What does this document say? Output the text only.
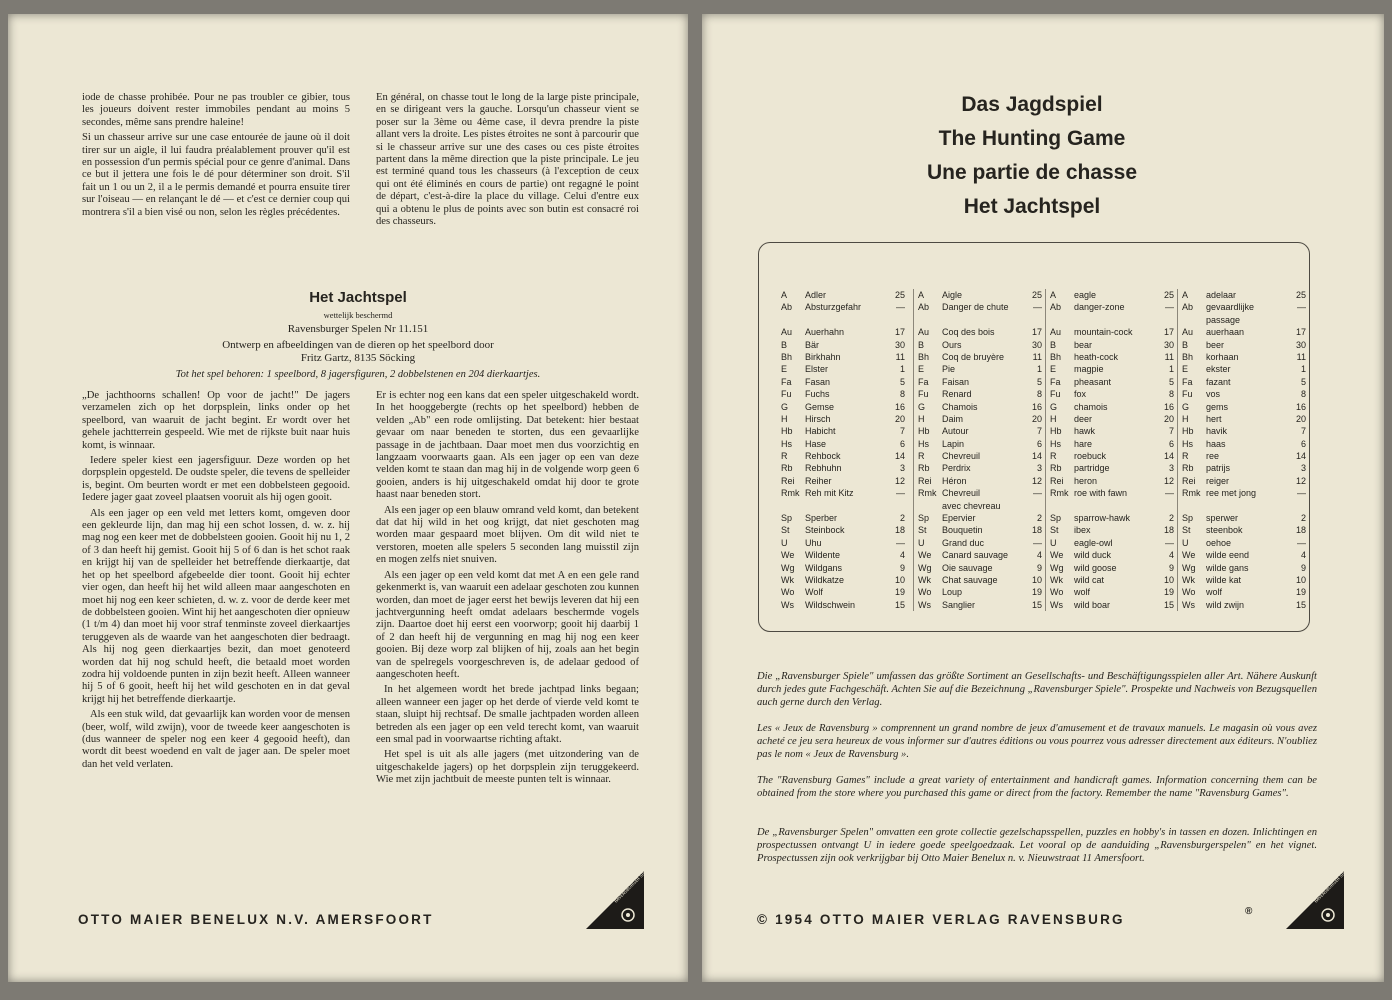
iode de chasse prohibée. Pour ne pas troubler ce gibier, tous les joueurs doivent rester immobiles pendant au moins 5 secondes, même sans prendre haleine!

Si un chasseur arrive sur une case entourée de jaune où il doit tirer sur un aigle, il lui faudra préalablement prouver qu'il est en possession d'un permis spécial pour ce genre d'animal. Dans ce but il jettera une fois le dé pour déterminer son droit. S'il fait un 1 ou un 2, il a le permis demandé et pourra ensuite tirer sur l'oiseau — en relançant le dé — et c'est ce dernier coup qui montrera s'il a bien visé ou non, selon les règles précédentes.

En général, on chasse tout le long de la large piste principale, en se dirigeant vers la gauche. Lorsqu'un chasseur vient se poser sur la 3ème ou 4ème case, il devra prendre la piste allant vers la droite. Les pistes étroites ne sont à parcourir que si le chasseur arrive sur une des cases ou ces piste étroites partent dans la même direction que la piste principale. Le jeu est terminé quand tous les chasseurs (à l'exception de ceux qui ont été éliminés en cours de partie) ont regagné le point de départ, c'est-à-dire la place du village. Celui d'entre eux qui a obtenu le plus de points avec son butin est consacré roi des chasseurs.

Het Jachtspel
wettelijk beschermd
Ravensburger Spelen Nr 11.151
Ontwerp en afbeeldingen van de dieren op het speelbord door
Fritz Gartz, 8135 Söcking
Tot het spel behoren: 1 speelbord, 8 jagersfiguren, 2 dobbelstenen en 204 dierkaartjes.

„De jachthoorns schallen! Op voor de jacht!" De jagers verzamelen zich op het dorpsplein, links onder op het speelbord, van waaruit de jacht begint. Er wordt over het gehele jachtterrein gespeeld. Wie met de rijkste buit naar huis komt, is winnaar.

Iedere speler kiest een jagersfiguur. Deze worden op het dorpsplein opgesteld. De oudste speler, die tevens de spelleider is, begint. Om beurten wordt er met een dobbelsteen gegooid. Iedere jager gaat zoveel plaatsen vooruit als hij ogen gooit.

Als een jager op een veld met letters komt, omgeven door een gekleurde lijn, dan mag hij een schot lossen, d. w. z. hij mag nog een keer met de dobbelsteen gooien. Gooit hij nu 1, 2 of 3 dan heeft hij gemist. Gooit hij 5 of 6 dan is het schot raak en krijgt hij van de spelleider het betreffende dierkaartje, dat het op het speelbord afgebeelde dier toont. Gooit hij echter vier ogen, dan heeft hij het wild alleen maar aangeschoten en moet hij nog een keer schieten, d. w. z. voor de derde keer met de dobbelsteen gooien. Wint hij het aangeschoten dier opnieuw (1 t/m 4) dan moet hij voor straf tenminste zoveel dierkaartjes teruggeven als de waarde van het aangeschoten dier bedraagt. Als hij nog geen dierkaartjes bezit, dan moet genoteerd worden dat hij nog schuld heeft, die betaald moet worden zodra hij voldoende punten in zijn bezit heeft. Alleen wanneer hij 5 of 6 gooit, heeft hij het wild geschoten en in dat geval krijgt hij het betreffende dierkaartje.

Als een stuk wild, dat gevaarlijk kan worden voor de mensen (beer, wolf, wild zwijn), voor de tweede keer aangeschoten is (dus wanneer de speler nog een keer 4 gegooid heeft), dan wordt dit beest woedend en valt de jager aan. De speler moet dan het veld verlaten.

Er is echter nog een kans dat een speler uitgeschakeld wordt. In het hooggebergte (rechts op het speelbord) hebben de velden „Ab" een rode omlijsting. Dat betekent: hier bestaat gevaar om naar beneden te storten, dus een gevaarlijke passage in de jachtbaan. Daar moet men dus voorzichtig en langzaam voorwaarts gaan. Als een jager op een van deze velden komt te staan dan mag hij in de volgende worp geen 6 gooien, anders is hij uitgeschakeld omdat hij door te grote haast naar beneden stort.

Als een jager op een blauw omrand veld komt, dan betekent dat dat hij wild in het oog krijgt, dat niet geschoten mag worden maar gespaard moet blijven. Om dit wild niet te verstoren, moeten alle spelers 5 seconden lang muisstil zijn en mogen zelfs niet snuiven.

Als een jager op een veld komt dat met A en een gele rand gekenmerkt is, van waaruit een adelaar geschoten zou kunnen worden, dan moet de jager eerst het bewijs leveren dat hij een jachtvergunning heeft omdat adelaars beschermde vogels zijn. Daartoe doet hij eerst een voorworp; gooit hij daarbij 1 of 2 dan heeft hij de vergunning en mag hij nog een keer gooien. Bij deze worp zal blijken of hij, zoals aan het begin van de spelregels voorgeschreven is, de adelaar gedood of aangeschoten heeft.

In het algemeen wordt het brede jachtpad links begaan; alleen wanneer een jager op het derde of vierde veld komt te staan, sluipt hij rechtsaf. De smalle jachtpaden worden alleen betreden als een jager op een veld terecht komt, van waaruit een smal pad in voorwaartse richting aftakt.

Het spel is uit als alle jagers (met uitzondering van de uitgeschakelde jagers) op het dorpsplein zijn teruggekeerd. Wie met zijn jachtbuit de meeste punten telt is winnaar.

OTTO MAIER BENELUX N.V. AMERSFOORT
RAVENSBURGER SPIELE
Das Jagdspiel
The Hunting Game
Une partie de chasse
Het Jachtspel
A	Adler	25
Ab	Absturzgefahr	—
Au	Auerhahn	17
B	Bär	30
Bh	Birkhahn	11
E	Elster	1
Fa	Fasan	5
Fu	Fuchs	8
G	Gemse	16
H	Hirsch	20
Hb	Habicht	7
Hs	Hase	6
R	Rehbock	14
Rb	Rebhuhn	3
Rei	Reiher	12
Rmk Reh mit Kitz	—
Sp	Sperber	2
St	Steinbock	18
U	Uhu	—
We	Wildente	4
Wg	Wildgans	9
Wk	Wildkatze	10
Wo	Wolf	19
Ws	Wildschwein	15
A	Aigle	25
Ab	Danger de chute	—
Au	Coq des bois	17
B	Ours	30
Bh	Coq de bruyère	11
E	Pie	1
Fa	Faisan	5
Fu	Renard	8
G	Chamois	16
H	Daim	20
Hb	Autour	7
Hs	Lapin	6
R	Chevreuil	14
Rb	Perdrix	3
Rei	Héron	12
Rmk Chevreuil	—
avec chevreau
Sp	Epervier	2
St	Bouquetin	18
U	Grand duc	—
We	Canard sauvage	4
Wg	Oie sauvage	9
Wk	Chat sauvage	10
Wo	Loup	19
Ws	Sanglier	15
A	eagle	25
Ab	danger-zone	—
Au	mountain-cock	17
B	bear	30
Bh	heath-cock	11
E	magpie	1
Fa	pheasant	5
Fu	fox	8
G	chamois	16
H	deer	20
Hb	hawk	7
Hs	hare	6
R	roebuck	14
Rb	partridge	3
Rei	heron	12
Rmk roe with fawn	—
Sp	sparrow-hawk	2
St	ibex	18
U	eagle-owl	—
We	wild duck	4
Wg	wild goose	9
Wk	wild cat	10
Wo	wolf	19
Ws	wild boar	15
A	adelaar	25
Ab	gevaardlijke	—
passage
Au	auerhaan	17
B	beer	30
Bh	korhaan	11
E	ekster	1
Fa	fazant	5
Fu	vos	8
G	gems	16
H	hert	20
Hb	havik	7
Hs	haas	6
R	ree	14
Rb	patrijs	3
Rei	reiger	12
Rmk ree met jong	—
Sp	sperwer	2
St	steenbok	18
U	oehoe	—
We	wilde eend	4
Wg	wilde gans	9
Wk	wilde kat	10
Wo	wolf	19
Ws	wild zwijn	15
Die „Ravensburger Spiele" umfassen das größte Sortiment an Gesellschafts- und Beschäftigungsspielen aller Art. Nähere Auskunft durch jedes gute Fachgeschäft. Achten Sie auf die Bezeichnung „Ravensburger Spiele". Prospekte und Nachweis von Bezugsquellen auch gerne durch den Verlag.
Les « Jeux de Ravensburg » comprennent un grand nombre de jeux d'amusement et de travaux manuels. Le magasin où vous avez acheté ce jeu sera heureux de vous informer sur d'autres éditions ou vous pourrez vous adresser directement aux éditeurs. N'oubliez pas le nom « Jeux de Ravensburg ».
The "Ravensburg Games" include a great variety of entertainment and handicraft games. Information concerning them can be obtained from the store where you purchased this game or direct from the factory. Remember the name "Ravensburg Games".
De „Ravensburger Spelen" omvatten een grote collectie gezelschapsspellen, puzzles en hobby's in tassen en dozen. Inlichtingen en prospectussen ontvangt U in iedere goede speelgoedzaak. Let vooral op de aanduiding „Ravensburgerspelen" en het vignet. Prospectussen zijn ook verkrijgbar bij Otto Maier Benelux n. v. Nieuwstraat 11 Amersfoort.
© 1954 OTTO MAIER VERLAG RAVENSBURG
®
RAVENSBURGER SPIELE
